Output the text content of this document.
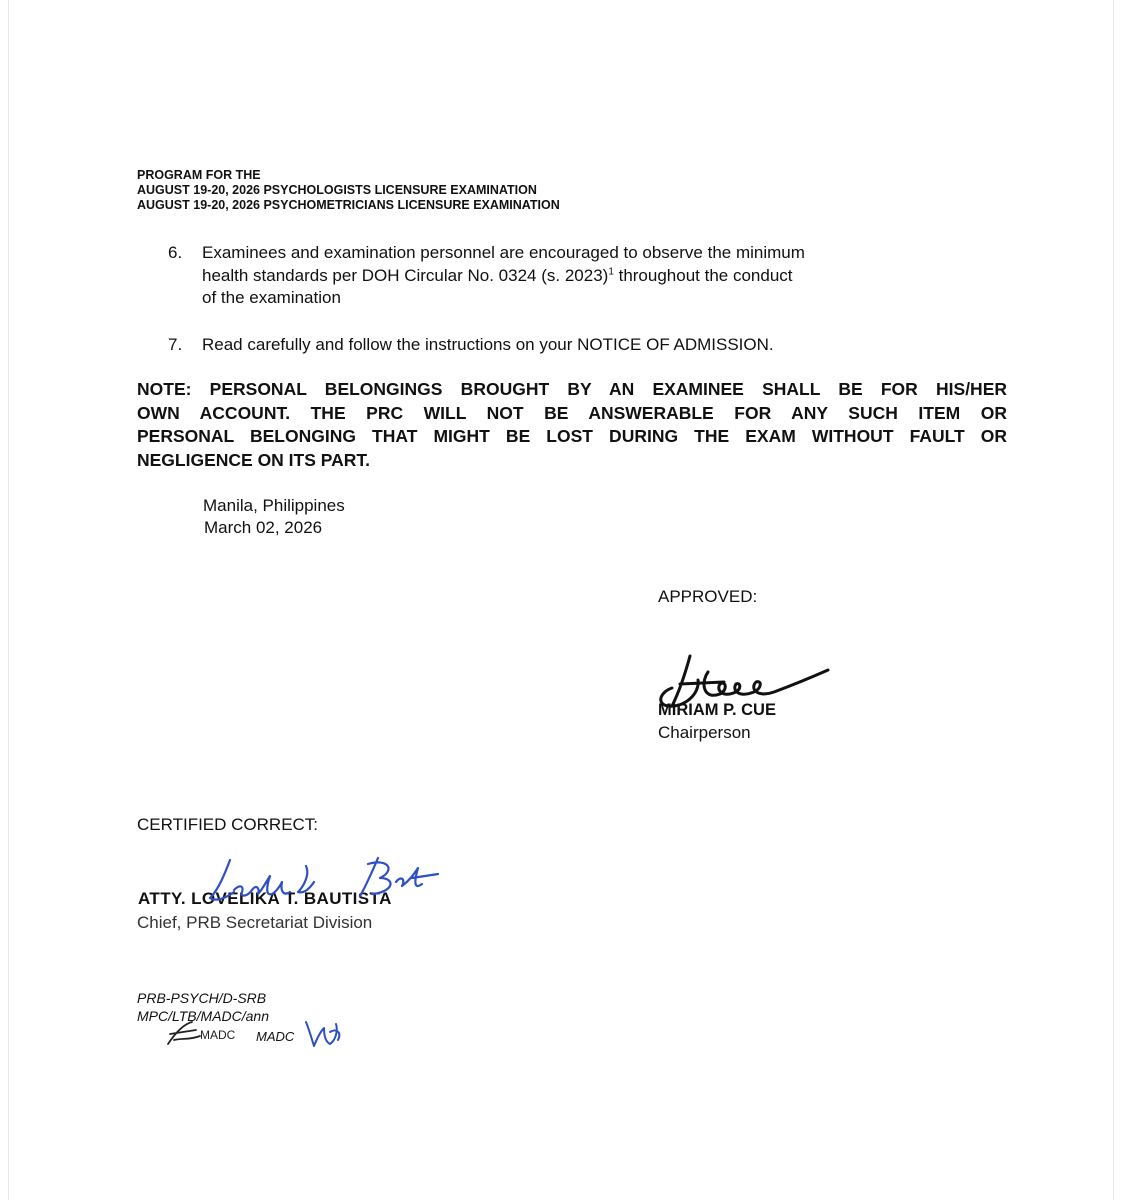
PROGRAM FOR THE
AUGUST 19-20, 2026 PSYCHOLOGISTS LICENSURE EXAMINATION
AUGUST 19-20, 2026 PSYCHOMETRICIANS LICENSURE EXAMINATION
6. Examinees and examination personnel are encouraged to observe the minimum
health standards per DOH Circular No. 0324 (s. 2023)$^1$ throughout the conduct
of the examination
7. Read carefully and follow the instructions on your NOTICE OF ADMISSION.
NOTE: PERSONAL BELONGINGS BROUGHT BY AN EXAMINEE SHALL BE FOR HIS/HER
OWN ACCOUNT. THE PRC WILL NOT BE ANSWERABLE FOR ANY SUCH ITEM OR
PERSONAL BELONGING THAT MIGHT BE LOST DURING THE EXAM WITHOUT FAULT OR
NEGLIGENCE ON ITS PART.
Manila, Philippines
March 02, 2026
APPROVED:
MIRIAM P. CUE
Chairperson
CERTIFIED CORRECT:
ATTY. LOVELIKA T. BAUTISTA
Chief, PRB Secretariat Division
PRB-PSYCH/D-SRB
MPC/LTB/MADC/ann
MADC MADC
